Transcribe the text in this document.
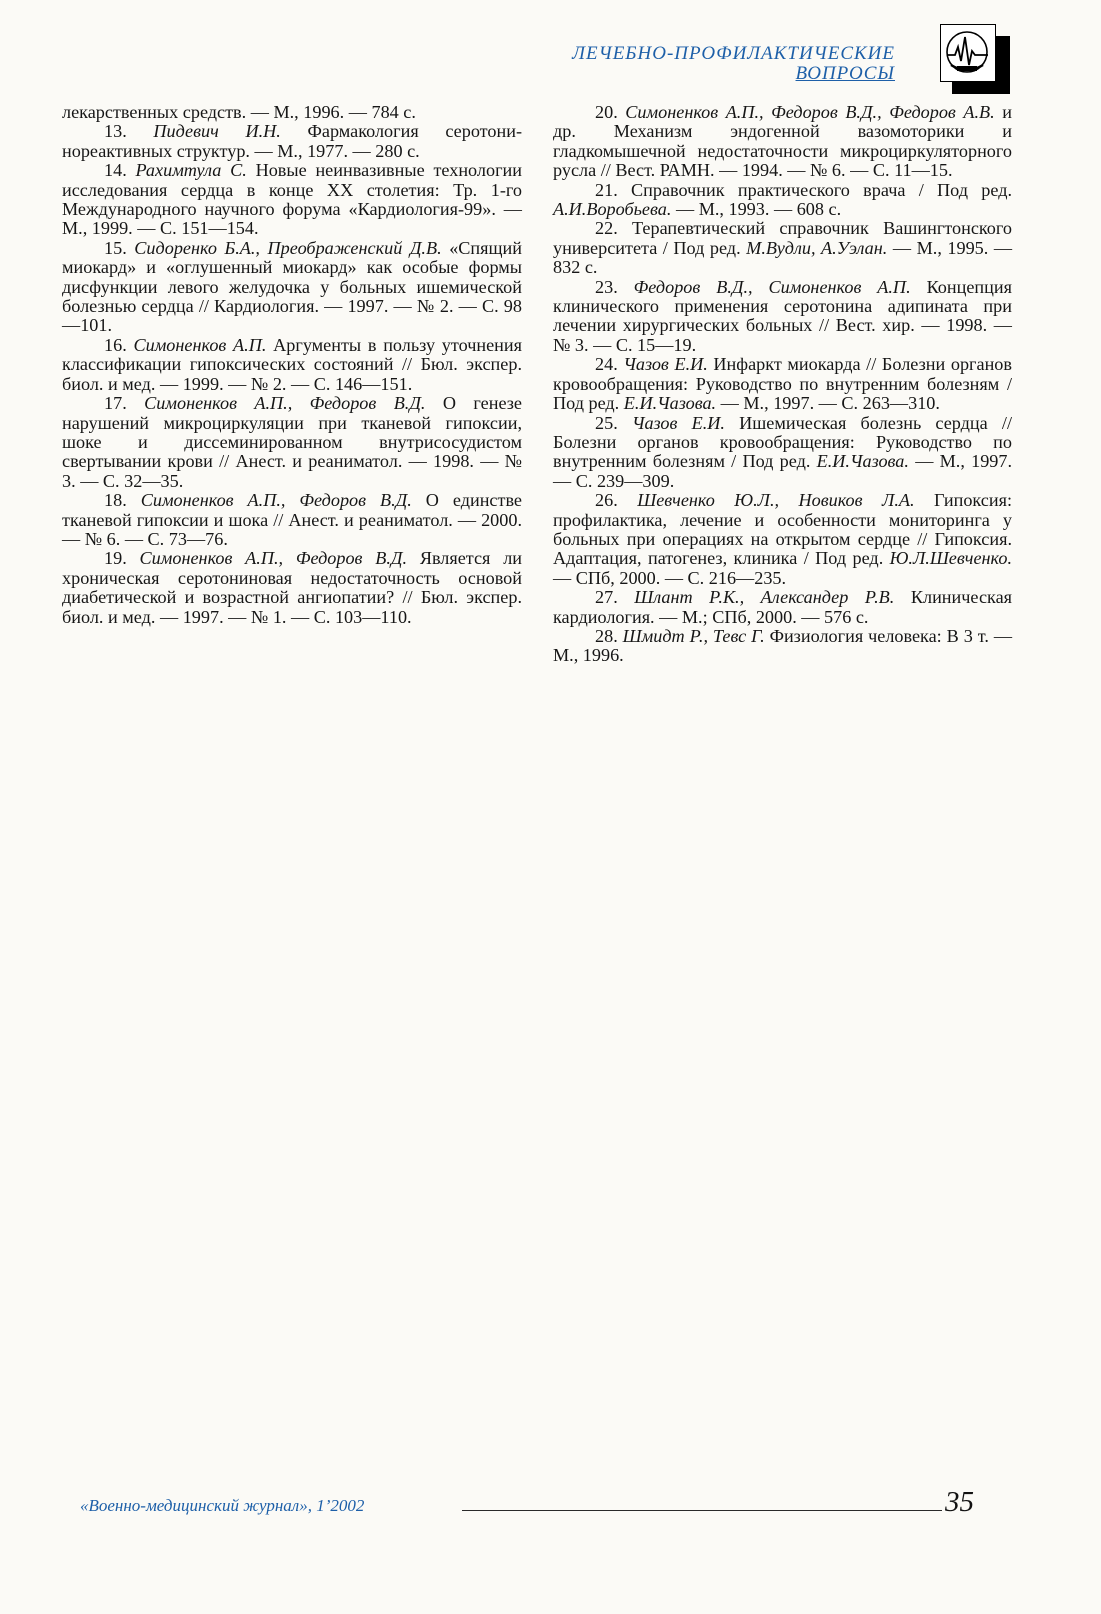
ЛЕЧЕБНО-ПРОФИЛАКТИЧЕСКИЕ
ВОПРОСЫ

лекарственных средств. — М., 1996. — 784 с.

13. Пидевич И.Н. Фармакология серотони-нореактивных структур. — М., 1977. — 280 с.

14. Рахимтула С. Новые неинвазивные технологии исследования сердца в конце XX столетия: Тр. 1-го Международного научного форума «Кардиология-99». — М., 1999. — С. 151—154.

15. Сидоренко Б.А., Преображенский Д.В. «Спящий миокард» и «оглушенный миокард» как особые формы дисфункции левого желудочка у больных ишемической болезнью сердца // Кардиология. — 1997. — № 2. — С. 98—101.

16. Симоненков А.П. Аргументы в пользу уточнения классификации гипоксических состояний // Бюл. экспер. биол. и мед. — 1999. — № 2. — С. 146—151.

17. Симоненков А.П., Федоров В.Д. О генезе нарушений микроциркуляции при тканевой гипоксии, шоке и диссеминированном внутрисосудистом свертывании крови // Анест. и реаниматол. — 1998. — № 3. — С. 32—35.

18. Симоненков А.П., Федоров В.Д. О единстве тканевой гипоксии и шока // Анест. и реаниматол. — 2000. — № 6. — С. 73—76.

19. Симоненков А.П., Федоров В.Д. Является ли хроническая серотониновая недостаточность основой диабетической и возрастной ангиопатии? // Бюл. экспер. биол. и мед. — 1997. — № 1. — С. 103—110.

20. Симоненков А.П., Федоров В.Д., Федоров А.В. и др. Механизм эндогенной вазомоторики и гладкомышечной недостаточности микроциркуляторного русла // Вест. РАМН. — 1994. — № 6. — С. 11—15.

21. Справочник практического врача / Под ред. А.И.Воробьева. — М., 1993. — 608 с.

22. Терапевтический справочник Вашингтонского университета / Под ред. М.Вудли, А.Уэлан. — М., 1995. — 832 с.

23. Федоров В.Д., Симоненков А.П. Концепция клинического применения серотонина адипината при лечении хирургических больных // Вест. хир. — 1998. — № 3. — С. 15—19.

24. Чазов Е.И. Инфаркт миокарда // Болезни органов кровообращения: Руководство по внутренним болезням / Под ред. Е.И.Чазова. — М., 1997. — С. 263—310.

25. Чазов Е.И. Ишемическая болезнь сердца // Болезни органов кровообращения: Руководство по внутренним болезням / Под ред. Е.И.Чазова. — М., 1997. — С. 239—309.

26. Шевченко Ю.Л., Новиков Л.А. Гипоксия: профилактика, лечение и особенности мониторинга у больных при операциях на открытом сердце // Гипоксия. Адаптация, патогенез, клиника / Под ред. Ю.Л.Шевченко. — СПб, 2000. — С. 216—235.

27. Шлант Р.К., Александер Р.В. Клиническая кардиология. — М.; СПб, 2000. — 576 с.

28. Шмидт Р., Тевс Г. Физиология человека: В 3 т. — М., 1996.

«Военно-медицинский журнал», 1’2002	35
